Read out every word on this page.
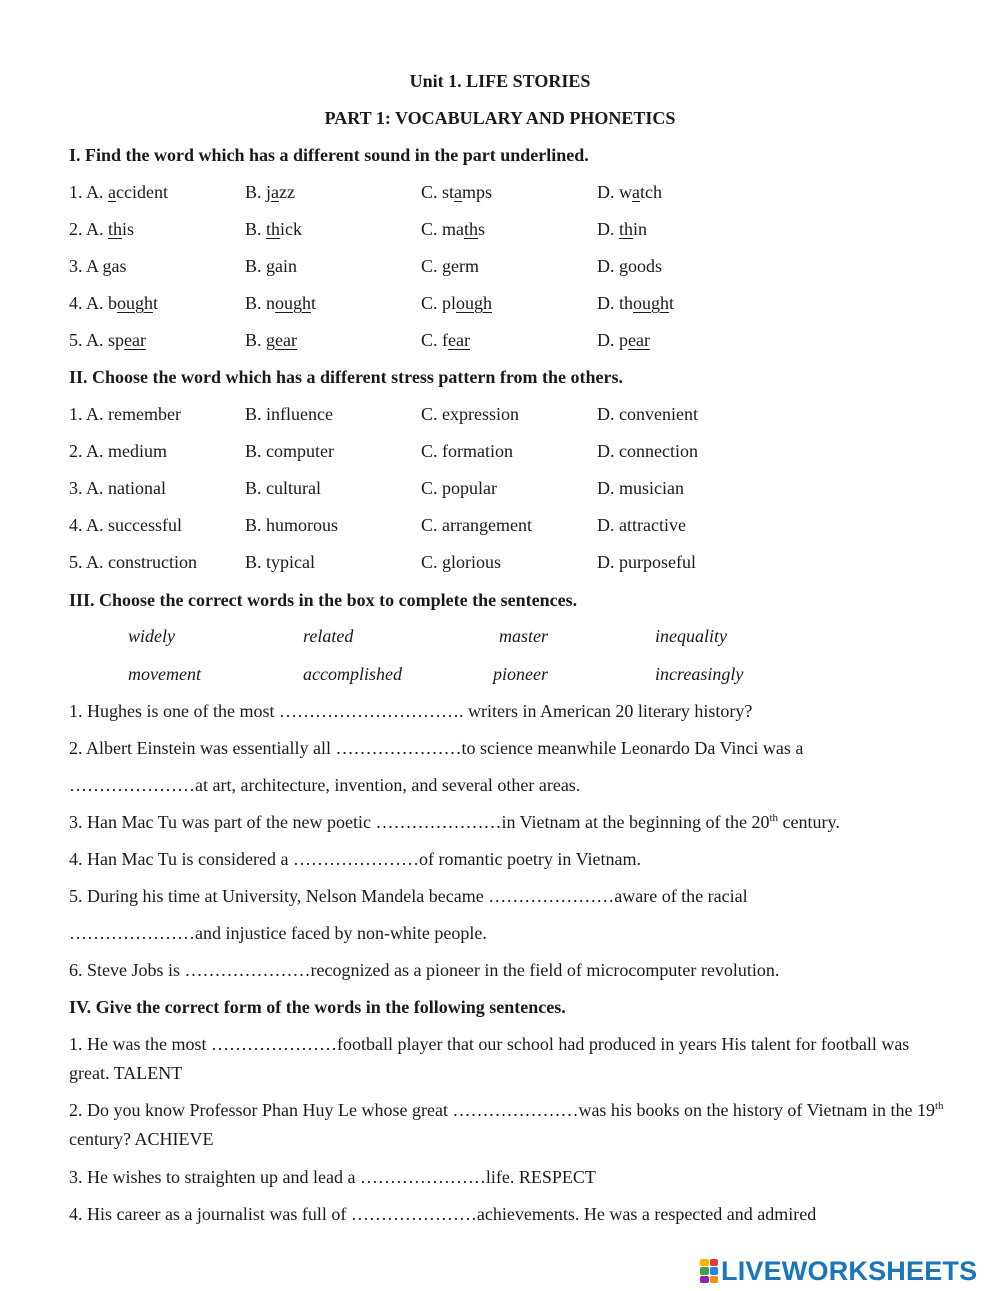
Unit 1. LIFE STORIES
PART 1: VOCABULARY AND PHONETICS
I. Find the word which has a different sound in the part underlined.
1. A. accident	B. jazz	C. stamps	D. watch
2. A. this	B. thick	C. maths	D. thin
3. A gas	B. gain	C. germ	D. goods
4. A. bought	B. nought	C. plough	D. thought
5. A. spear	B. gear	C. fear	D. pear
II. Choose the word which has a different stress pattern from the others.
1. A. remember	B. influence	C. expression	D. convenient
2. A. medium	B. computer	C. formation	D. connection
3. A. national	B. cultural	C. popular	D. musician
4. A. successful	B. humorous	C. arrangement	D. attractive
5. A. construction	B. typical	C. glorious	D. purposeful
III. Choose the correct words in the box to complete the sentences.
widely	related	master	inequality
movement	accomplished	pioneer	increasingly
1. Hughes is one of the most …………………………. writers in American 20 literary history?
2. Albert Einstein was essentially all …………………to science meanwhile Leonardo Da Vinci was a
…………………at art, architecture, invention, and several other areas.
3. Han Mac Tu was part of the new poetic …………………in Vietnam at the beginning of the 20th century.
4. Han Mac Tu is considered a …………………of romantic poetry in Vietnam.
5. During his time at University, Nelson Mandela became …………………aware of the racial
…………………and injustice faced by non-white people.
6. Steve Jobs is …………………recognized as a pioneer in the field of microcomputer revolution.
IV. Give the correct form of the words in the following sentences.
1. He was the most …………………football player that our school had produced in years His talent for football was great. TALENT
2. Do you know Professor Phan Huy Le whose great …………………was his books on the history of Vietnam in the 19th century? ACHIEVE
3. He wishes to straighten up and lead a …………………life. RESPECT
4. His career as a journalist was full of …………………achievements. He was a respected and admired
LIVEWORKSHEETS
